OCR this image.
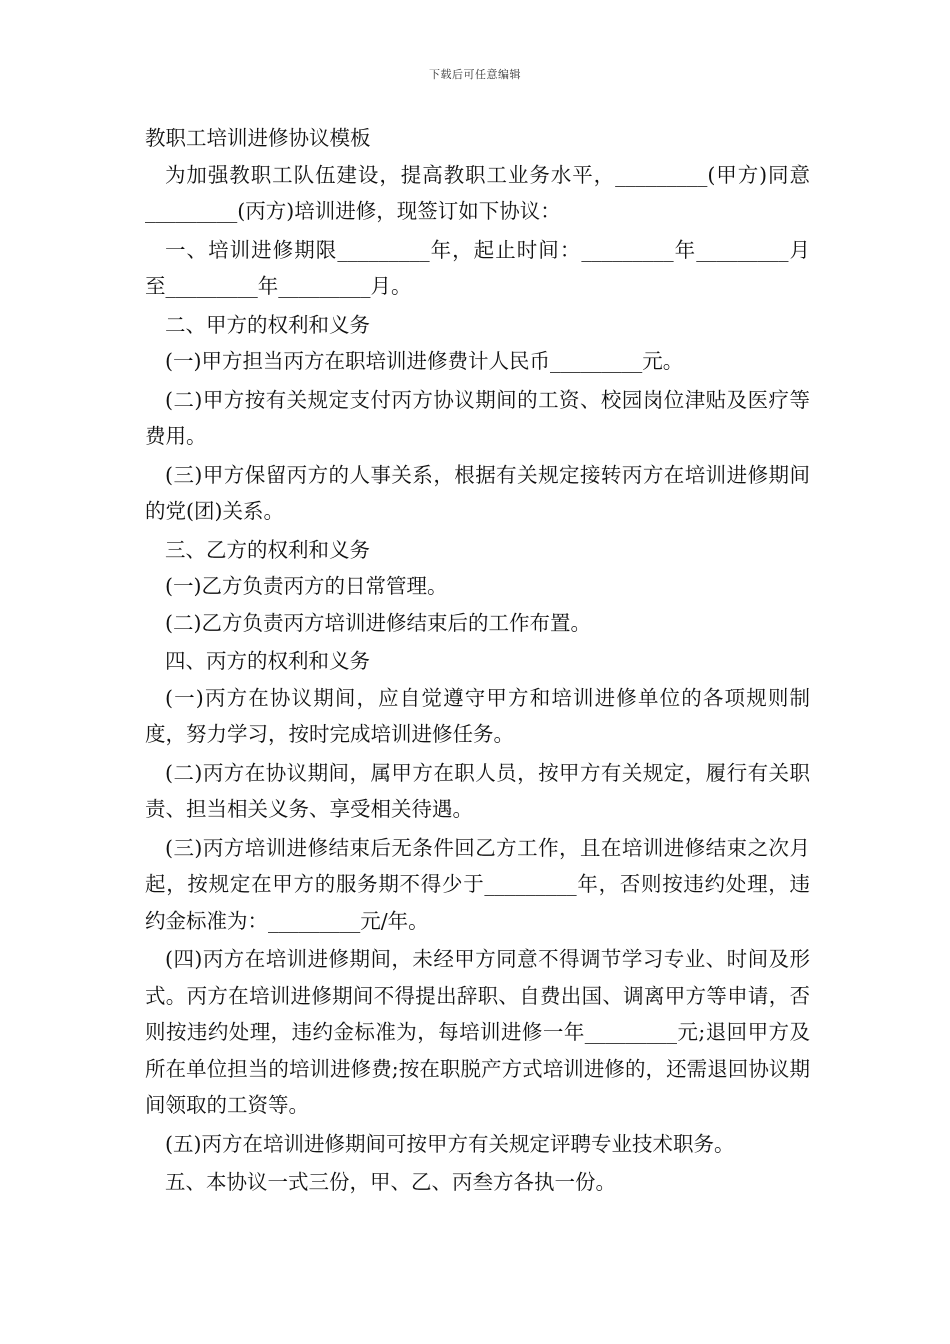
下载后可任意编辑

教职工培训进修协议模板

为加强教职工队伍建设，提高教职工业务水平，_________(甲方)同意_________(丙方)培训进修，现签订如下协议：

一、培训进修期限_________年，起止时间：_________年_________月至_________年_________月。

二、甲方的权利和义务

(一)甲方担当丙方在职培训进修费计人民币_________元。

(二)甲方按有关规定支付丙方协议期间的工资、校园岗位津贴及医疗等费用。

(三)甲方保留丙方的人事关系，根据有关规定接转丙方在培训进修期间的党(团)关系。

三、乙方的权利和义务

(一)乙方负责丙方的日常管理。

(二)乙方负责丙方培训进修结束后的工作布置。

四、丙方的权利和义务

(一)丙方在协议期间，应自觉遵守甲方和培训进修单位的各项规则制度，努力学习，按时完成培训进修任务。

(二)丙方在协议期间，属甲方在职人员，按甲方有关规定，履行有关职责、担当相关义务、享受相关待遇。

(三)丙方培训进修结束后无条件回乙方工作，且在培训进修结束之次月起，按规定在甲方的服务期不得少于_________年，否则按违约处理，违约金标准为：_________元/年。

(四)丙方在培训进修期间，未经甲方同意不得调节学习专业、时间及形式。丙方在培训进修期间不得提出辞职、自费出国、调离甲方等申请，否则按违约处理，违约金标准为，每培训进修一年_________元;退回甲方及所在单位担当的培训进修费;按在职脱产方式培训进修的，还需退回协议期间领取的工资等。

(五)丙方在培训进修期间可按甲方有关规定评聘专业技术职务。

五、本协议一式三份，甲、乙、丙叁方各执一份。
